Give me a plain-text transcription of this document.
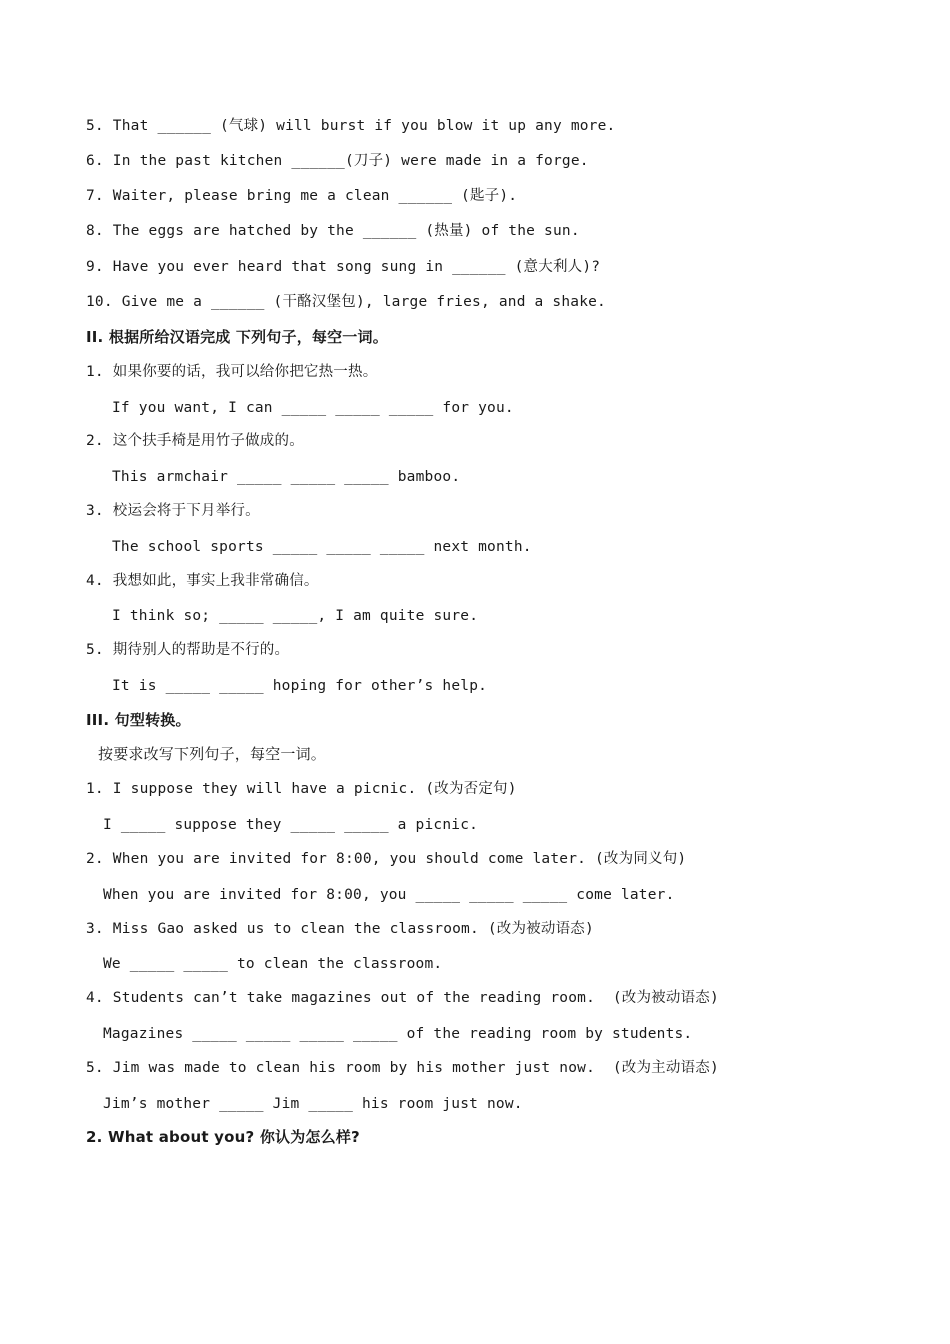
5. That ______ (气球) will burst if you blow it up any more.
6. In the past kitchen ______(刀子) were made in a forge.
7. Waiter, please bring me a clean ______ (匙子).
8. The eggs are hatched by the ______ (热量) of the sun.
9. Have you ever heard that song sung in ______ (意大利人)?
10. Give me a ______ (干酪汉堡包), large fries, and a shake.
II. 根据所给汉语完成 下列句子，每空一词。
1. 如果你要的话，我可以给你把它热一热。
If you want, I can _____ _____ _____ for you.
2. 这个扶手椅是用竹子做成的。
This armchair _____ _____ _____ bamboo.
3. 校运会将于下月举行。
The school sports _____ _____ _____ next month.
4. 我想如此，事实上我非常确信。
I think so; _____ _____, I am quite sure.
5. 期待别人的帮助是不行的。
It is _____ _____ hoping for other’s help.
III. 句型转换。
按要求改写下列句子，每空一词。
1. I suppose they will have a picnic. (改为否定句)
I _____ suppose they _____ _____ a picnic.
2. When you are invited for 8:00, you should come later. (改为同义句)
When you are invited for 8:00, you _____ _____ _____ come later.
3. Miss Gao asked us to clean the classroom. (改为被动语态)
We _____ _____ to clean the classroom.
4. Students can’t take magazines out of the reading room.  (改为被动语态)
Magazines _____ _____ _____ _____ of the reading room by students.
5. Jim was made to clean his room by his mother just now.  (改为主动语态)
Jim’s mother _____ Jim _____ his room just now.
2. What about you? 你认为怎么样?
